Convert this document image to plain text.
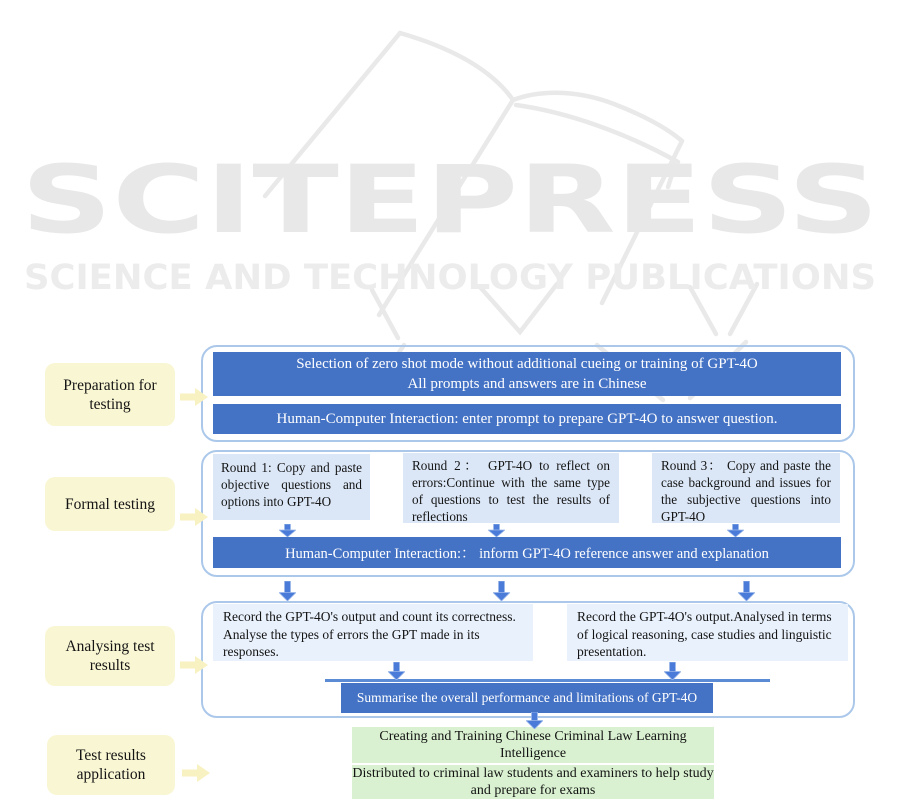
SCITEPRESS
SCIENCE AND TECHNOLOGY PUBLICATIONS
Preparation for testing
Selection of zero shot mode without additional cueing or training of GPT-4O
All prompts and answers are in Chinese
Human-Computer Interaction: enter prompt to prepare GPT-4O to answer question.
Formal testing
Round 1: Copy and paste objective questions and options into GPT-4O
Round 2： GPT-4O to reflect on errors:Continue with the same type of questions to test the results of reflections
Round 3： Copy and paste the case background and issues for the subjective questions into GPT-4O
Human-Computer Interaction:： inform GPT-4O reference answer and explanation
Analysing test results
Record the GPT-4O's output and count its correctness. Analyse the types of errors the GPT made in its responses.
Record the GPT-4O's output.Analysed in terms of logical reasoning, case studies and linguistic presentation.
Summarise the overall performance and limitations of GPT-4O
Test results application
Creating and Training Chinese Criminal Law Learning Intelligence
Distributed to criminal law students and examiners to help study and prepare for exams
